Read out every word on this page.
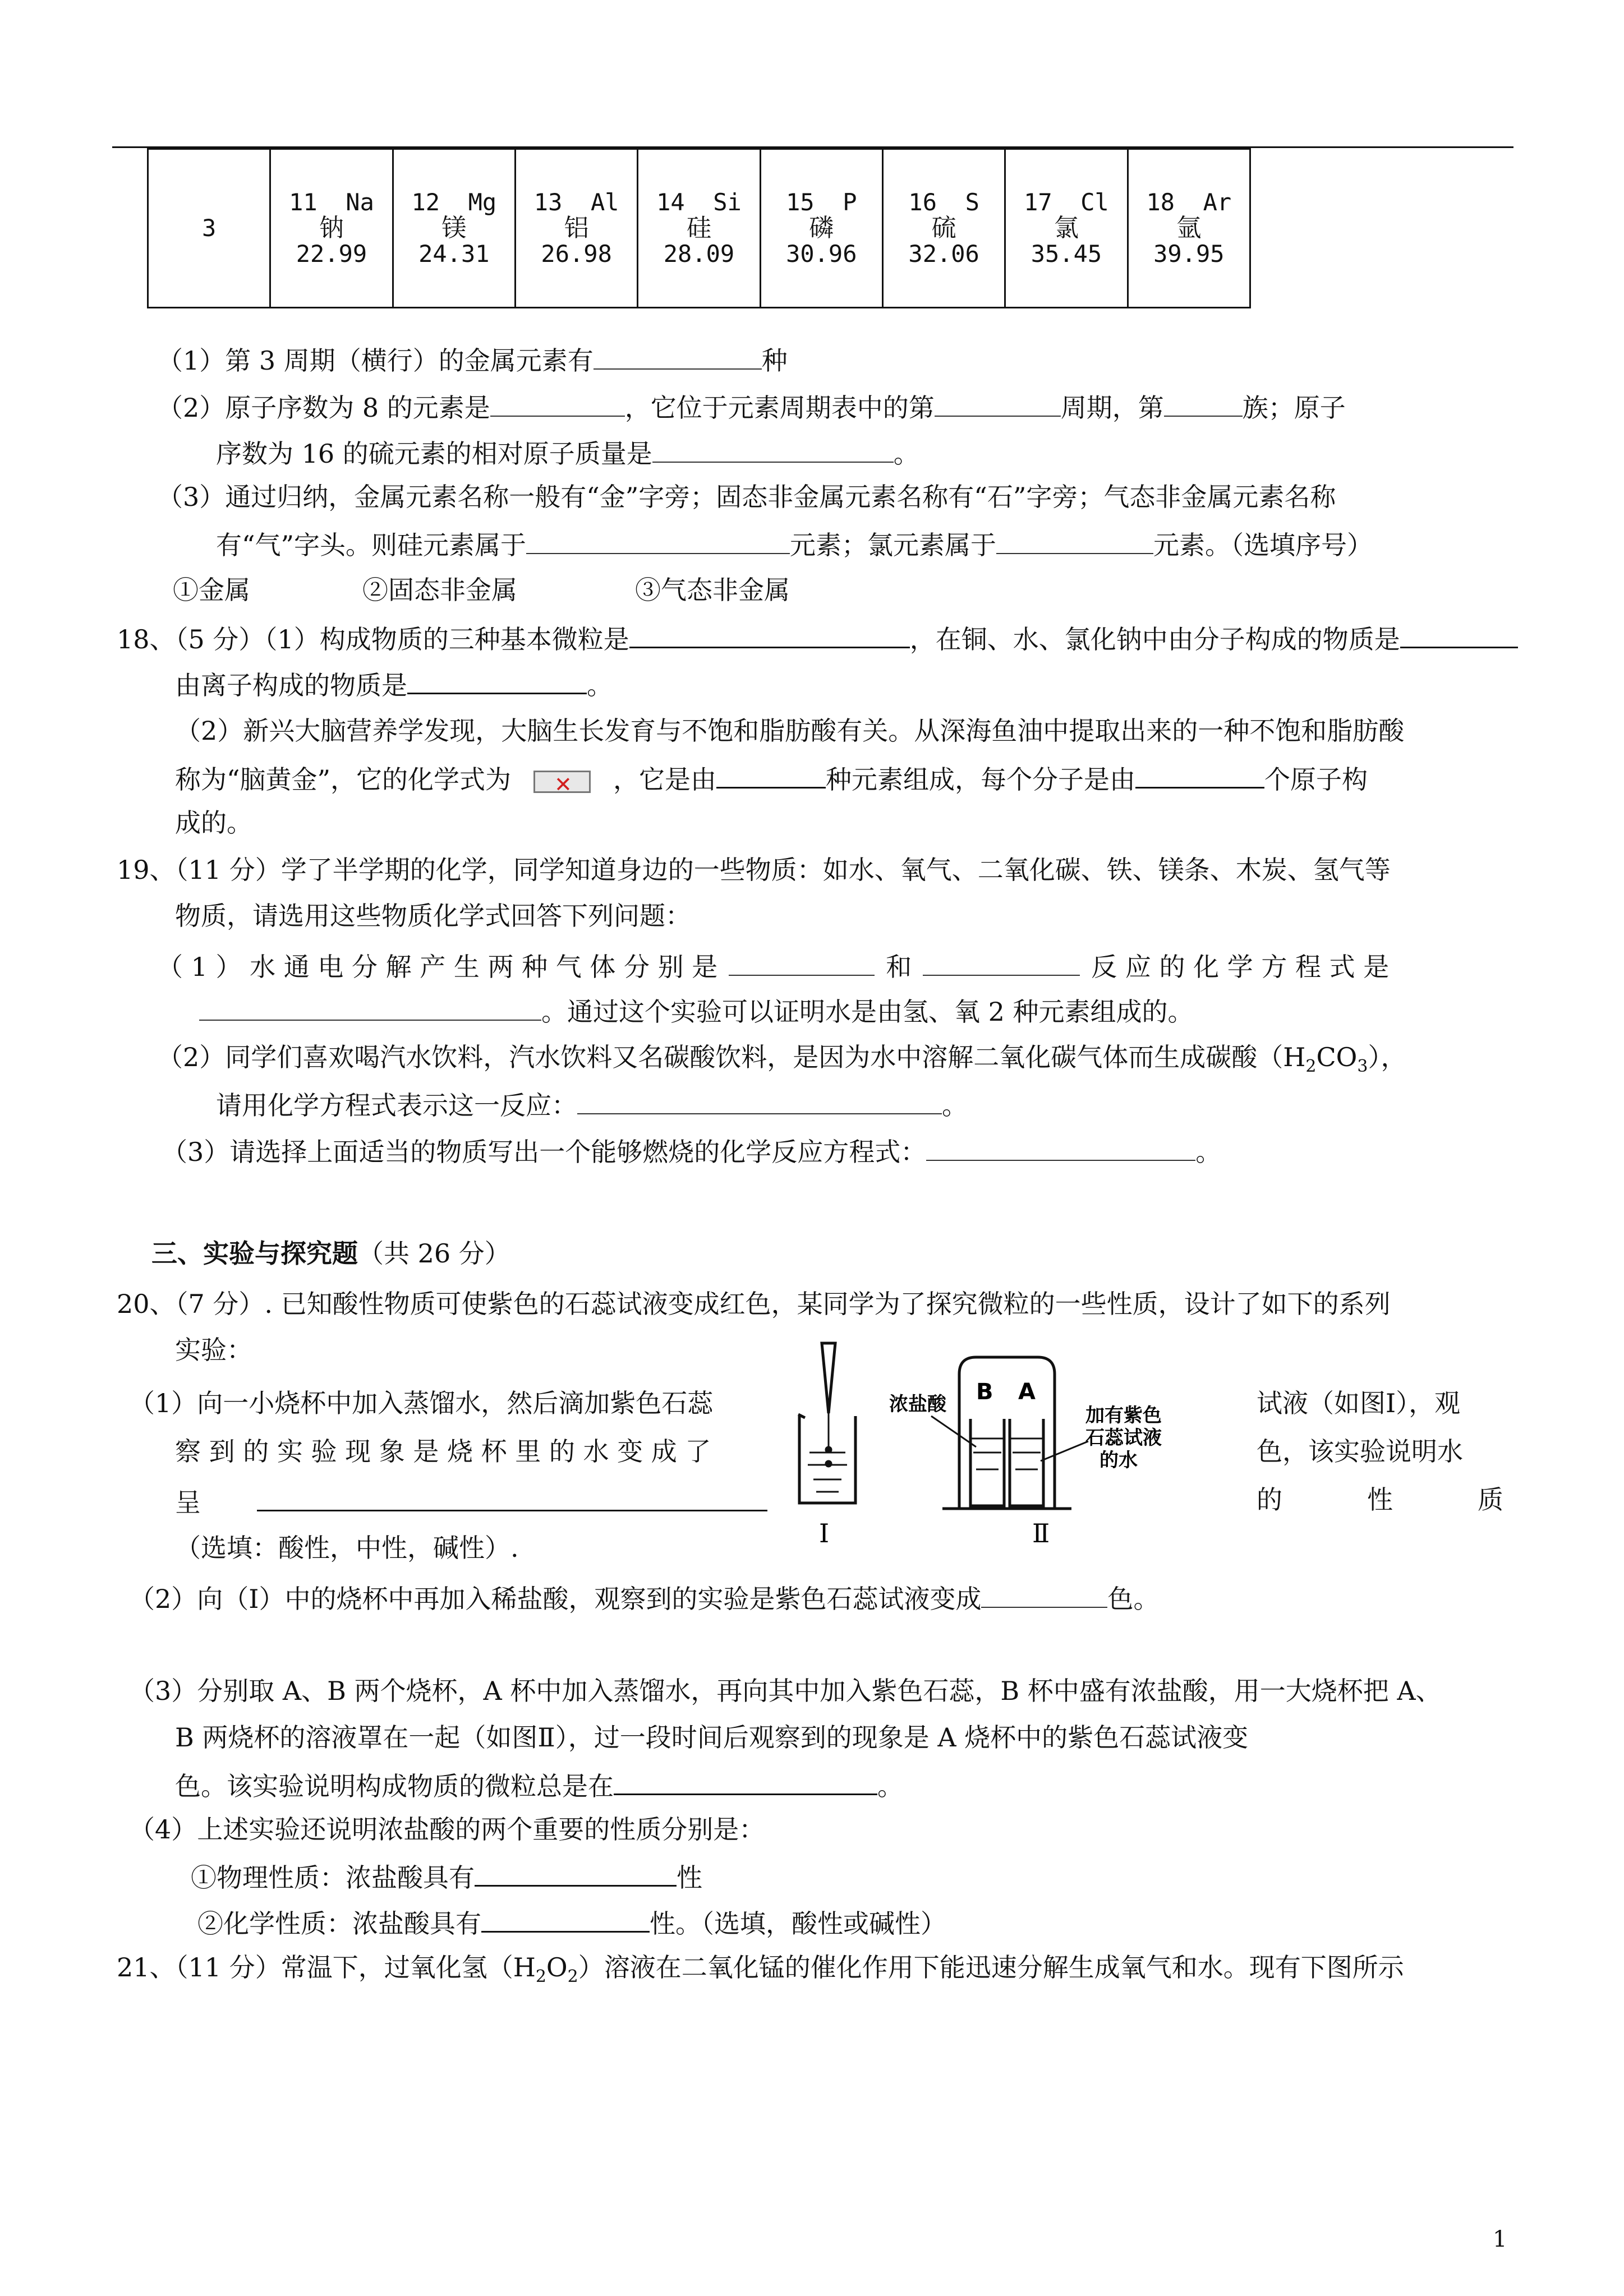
3	
11 Na
钠
22.99

12 Mg
镁
24.31

13 Al
铝
26.98

14 Si
硅
28.09

15 P
磷
30.96

16 S
硫
32.06

17 Cl
氯
35.45

18 Ar
氩
39.95
（1）第 3 周期（横行）的金属元素有	种
（2）原子序数为 8 的元素是	，它位于元素周期表中的第	周期，第	族；原子
序数为 16 的硫元素的相对原子质量是	。
（3）通过归纳，金属元素名称一般有“金”字旁；固态非金属元素名称有“石”字旁；气态非金属元素名称
有“气”字头。则硅元素属于	元素；氯元素属于	元素。（选填序号）
①金属	②固态非金属	③气态非金属
18、（5 分）（1）构成物质的三种基本微粒是	，在铜、水、氯化钠中由分子构成的物质是
由离子构成的物质是	。
（2）新兴大脑营养学发现，大脑生长发育与不饱和脂肪酸有关。从深海鱼油中提取出来的一种不饱和脂肪酸
称为“脑黄金”，它的化学式为✕	，它是由	种元素组成，每个分子是由	个原子构
成的。
19、（11 分）学了半学期的化学，同学知道身边的一些物质：如水、氧气、二氧化碳、铁、镁条、木炭、氢气等
物质，请选用这些物质化学式回答下列问题：
（ 1 ） 水 通 电 分 解 产 生 两 种 气 体 分 别 是	和	反 应 的 化 学 方 程 式 是
。通过这个实验可以证明水是由氢、氧 2 种元素组成的。
（2）同学们喜欢喝汽水饮料，汽水饮料又名碳酸饮料，是因为水中溶解二氧化碳气体而生成碳酸$(H_2CO_3)$，
请用化学方程式表示这一反应：	。
（3）请选择上面适当的物质写出一个能够燃烧的化学反应方程式：	。
三、实验与探究题（共 26 分）
20、（7 分）. 已知酸性物质可使紫色的石蕊试液变成红色，某同学为了探究微粒的一些性质，设计了如下的系列
实验：
（1）向一小烧杯中加入蒸馏水，然后滴加紫色石蕊	试液（如图Ⅰ），观
察 到 的 实 验 现 象 是 烧 杯 里 的 水 变 成 了	色，该实验说明水
呈	的	性	质
（选填：酸性，中性，碱性）.	Ⅰ
B A
浓盐酸	加有紫色
石蕊试液
的水
Ⅱ
（2）向（Ⅰ）中的烧杯中再加入稀盐酸，观察到的实验是紫色石蕊试液变成	色。
（3）分别取 A、B 两个烧杯，A 杯中加入蒸馏水，再向其中加入紫色石蕊，B 杯中盛有浓盐酸，用一大烧杯把 A、
B 两烧杯的溶液罩在一起（如图Ⅱ），过一段时间后观察到的现象是 A 烧杯中的紫色石蕊试液变
色。该实验说明构成物质的微粒总是在	。
（4）上述实验还说明浓盐酸的两个重要的性质分别是：
①物理性质：浓盐酸具有	性
②化学性质：浓盐酸具有	性。（选填，酸性或碱性）
21、（11 分）常温下，过氧化氢$(H_2O_2)$溶液在二氧化锰的催化作用下能迅速分解生成氧气和水。现有下图所示
1
